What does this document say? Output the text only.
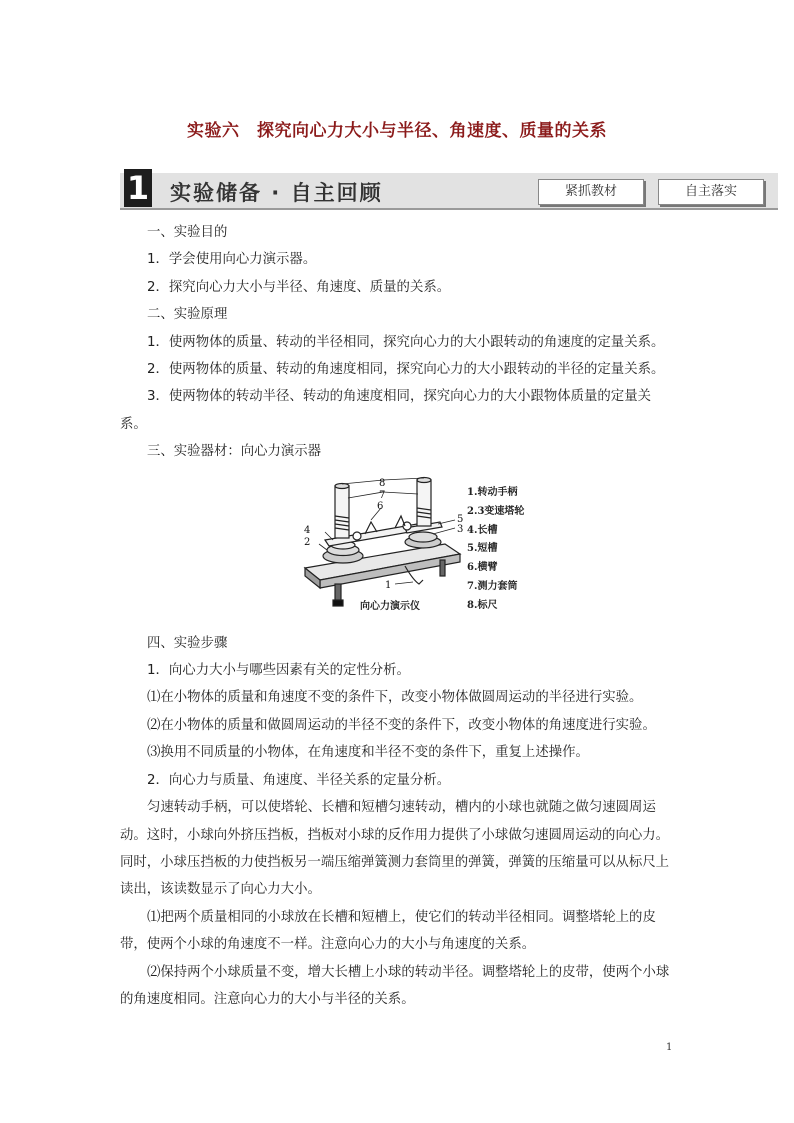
实验六　探究向心力大小与半径、角速度、质量的关系
1 实验储备 · 自主回顾	紧抓教材	自主落实

一、实验目的

1．学会使用向心力演示器。

2．探究向心力大小与半径、角速度、质量的关系。

二、实验原理

1．使两物体的质量、转动的半径相同，探究向心力的大小跟转动的角速度的定量关系。

2．使两物体的质量、转动的角速度相同，探究向心力的大小跟转动的半径的定量关系。

3．使两物体的转动半径、转动的角速度相同，探究向心力的大小跟物体质量的定量关系。

三、实验器材：向心力演示器

四、实验步骤

1．向心力大小与哪些因素有关的定性分析。

⑴在小物体的质量和角速度不变的条件下，改变小物体做圆周运动的半径进行实验。

⑵在小物体的质量和做圆周运动的半径不变的条件下，改变小物体的角速度进行实验。

⑶换用不同质量的小物体，在角速度和半径不变的条件下，重复上述操作。

2．向心力与质量、角速度、半径关系的定量分析。

匀速转动手柄，可以使塔轮、长槽和短槽匀速转动，槽内的小球也就随之做匀速圆周运动。这时，小球向外挤压挡板，挡板对小球的反作用力提供了小球做匀速圆周运动的向心力。同时，小球压挡板的力使挡板另一端压缩弹簧测力套筒里的弹簧，弹簧的压缩量可以从标尺上读出，该读数显示了向心力大小。

⑴把两个质量相同的小球放在长槽和短槽上，使它们的转动半径相同。调整塔轮上的皮带，使两个小球的角速度不一样。注意向心力的大小与角速度的关系。

⑵保持两个小球质量不变，增大长槽上小球的转动半径。调整塔轮上的皮带，使两个小球的角速度相同。注意向心力的大小与半径的关系。

8
7
6
5
4	3
2
1
1.转动手柄
2.3变速塔轮
4.长槽
5.短槽
6.横臂
7.测力套筒
8.标尺
向心力演示仪
1
